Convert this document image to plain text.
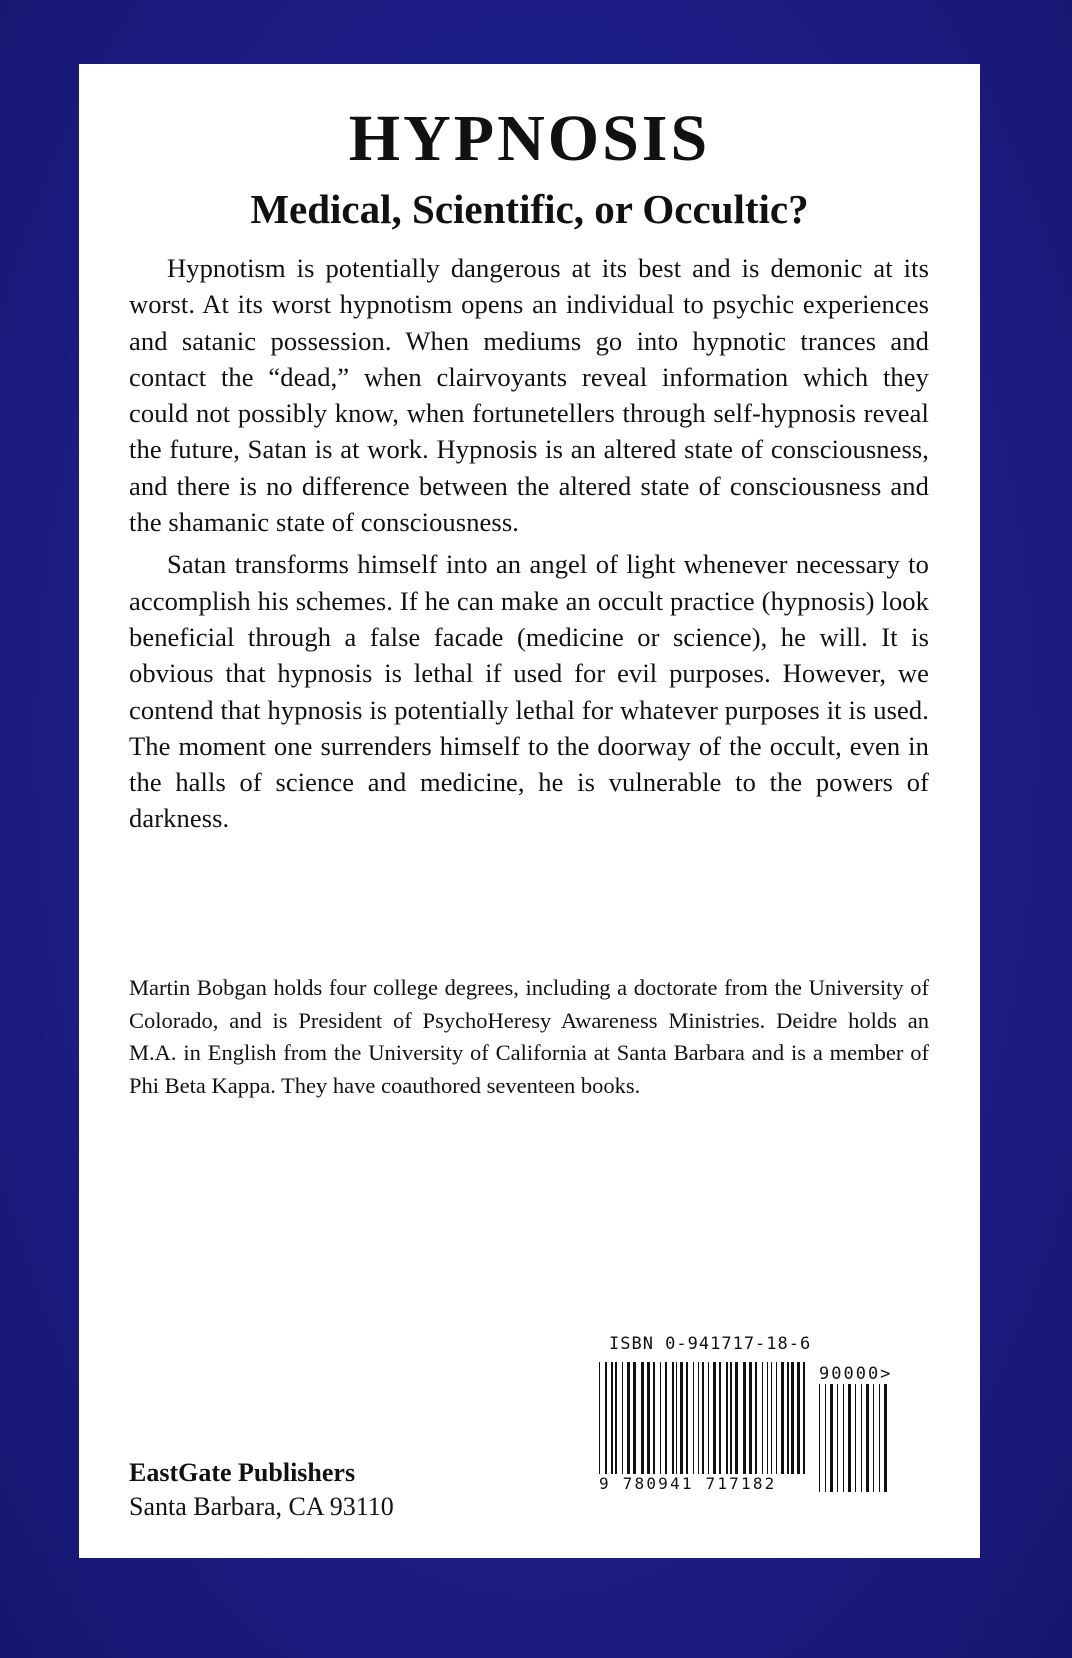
HYPNOSIS
Medical, Scientific, or Occultic?

Hypnotism is potentially dangerous at its best and is demonic at its worst. At its worst hypnotism opens an individual to psychic experiences and satanic possession. When mediums go into hypnotic trances and contact the “dead,” when clairvoyants reveal information which they could not possibly know, when fortunetellers through self-hypnosis reveal the future, Satan is at work. Hypnosis is an altered state of consciousness, and there is no difference between the altered state of consciousness and the shamanic state of consciousness.

Satan transforms himself into an angel of light whenever necessary to accomplish his schemes. If he can make an occult practice (hypnosis) look beneficial through a false facade (medicine or science), he will. It is obvious that hypnosis is lethal if used for evil purposes. However, we contend that hypnosis is potentially lethal for whatever purposes it is used. The moment one surrenders himself to the doorway of the occult, even in the halls of science and medicine, he is vulnerable to the powers of darkness.

Martin Bobgan holds four college degrees, including a doctorate from the University of Colorado, and is President of PsychoHeresy Awareness Ministries. Deidre holds an M.A. in English from the University of California at Santa Barbara and is a member of Phi Beta Kappa. They have coauthored seventeen books.

EastGate Publishers
Santa Barbara, CA 93110
ISBN 0-941717-18-6
9 780941 717182
90000>
